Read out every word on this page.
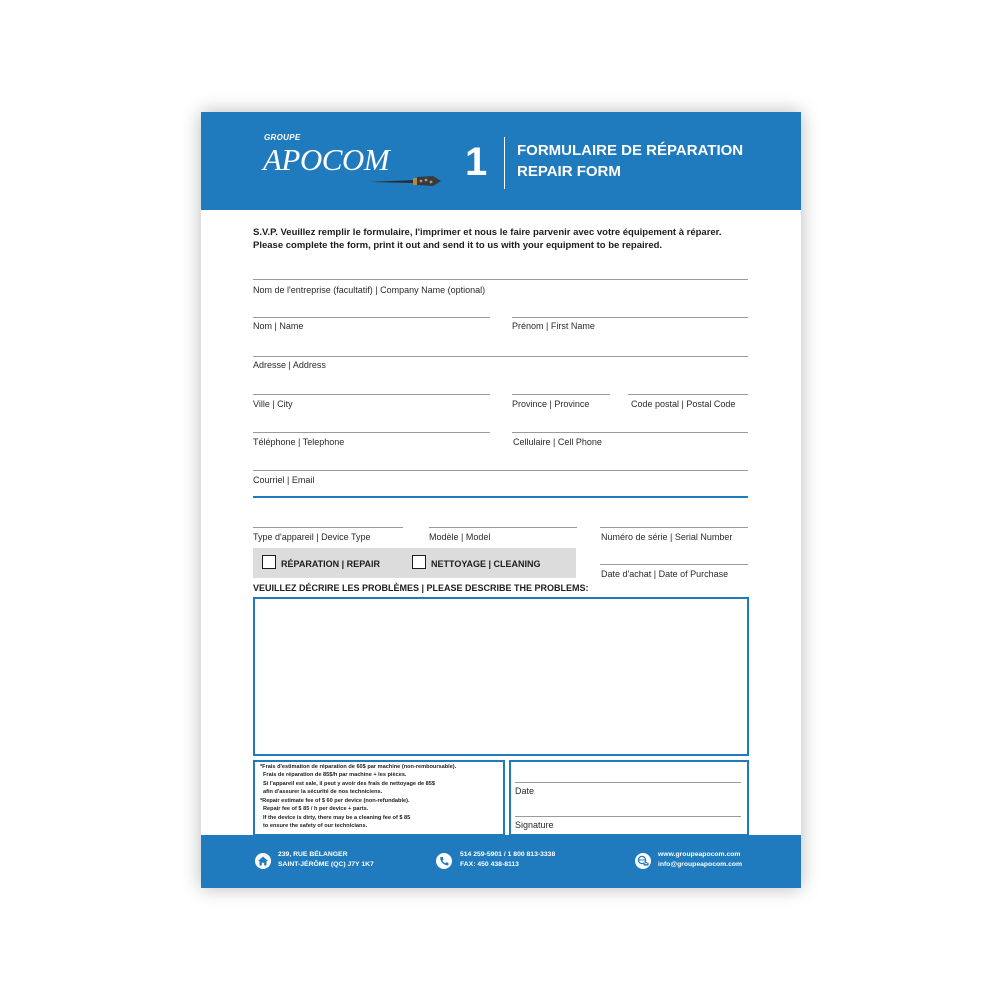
GROUPE
APOCOM 1 FORMULAIRE DE RÉPARATION
REPAIR FORM
S.V.P. Veuillez remplir le formulaire, l'imprimer et nous le faire parvenir avec votre équipement à réparer.
Please complete the form, print it out and send it to us with your equipment to be repaired.
Nom de l'entreprise (facultatif) | Company Name (optional)
Nom | Name	Prénom | First Name
Adresse | Address
Ville | City	Province | Province	Code postal | Postal Code
Téléphone | Telephone	Cellulaire | Cell Phone
Courriel | Email
Type d'appareil | Device Type	Modèle | Model	Numéro de série | Serial Number
Date d'achat | Date of Purchase
RÉPARATION | REPAIR	NETTOYAGE | CLEANING
VEUILLEZ DÉCRIRE LES PROBLÈMES | PLEASE DESCRIBE THE PROBLEMS:
*Frais d'estimation de réparation de 60$ par machine (non-remboursable).
Frais de réparation de 85$/h par machine + les pièces.
Si l'appareil est sale, il peut y avoir des frais de nettoyage de 85$
afin d'assurer la sécurité de nos techniciens.
*Repair estimate fee of $ 60 per device (non-refundable).
Repair fee of $ 85 / h per device + parts.
If the device is dirty, there may be a cleaning fee of $ 85
to ensure the safety of our technicians.
Date
Signature
239, RUE BÉLANGER
SAINT-JÉRÔME (QC) J7Y 1K7
514 259-5901 / 1 800 813-3338
FAX: 450 438-8113
www.groupeapocom.com
info@groupeapocom.com
